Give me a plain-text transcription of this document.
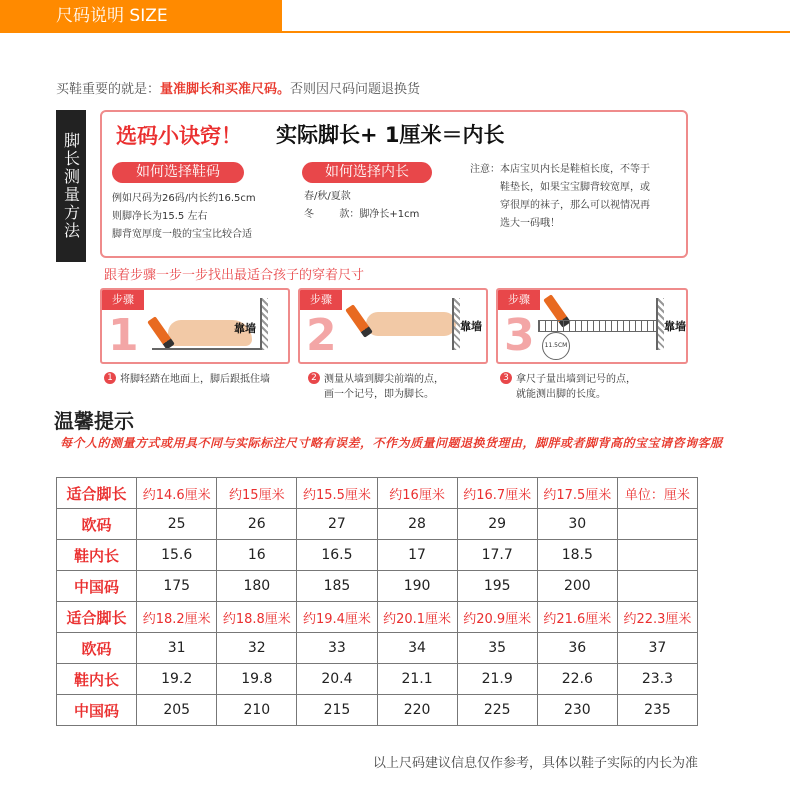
尺码说明 SIZE DESCRIPTION
买鞋重要的就是：量准脚长和买准尺码。否则因尺码问题退换货
脚长测量方法 选码小诀窍！ 实际脚长+ 1厘米＝内长
如何选择鞋码
例如尺码为26码/内长约16.5cm
则脚净长为15.5 左右
脚背宽厚度一般的宝宝比较合适
如何选择内长
春/秋/夏款
冬        款：脚净长+1cm
注意：本店宝贝内长是鞋楦长度，不等于
鞋垫长，如果宝宝脚背较宽厚，或
穿很厚的袜子，那么可以视情况再
选大一码哦！
跟着步骤一步一步找出最适合孩子的穿着尺寸
步骤
1	靠墙
1 将脚轻踏在地面上，脚后跟抵住墙
步骤
2	靠墙
2 测量从墙到脚尖前端的点，
画一个记号，即为脚长。
步骤
3	11.5CM
靠墙
3 拿尺子量出墙到记号的点，
就能测出脚的长度。
温馨提示
每个人的测量方式或用具不同与实际标注尺寸略有误差，不作为质量问题退换货理由，脚胖或者脚背高的宝宝请咨询客服
适合脚长	约14.6厘米	约15厘米	约15.5厘米	约16厘米	约16.7厘米	约17.5厘米	单位：厘米
欧码	25	26	27	28	29	30	
鞋内长	15.6	16	16.5	17	17.7	18.5	
中国码	175	180	185	190	195	200	
适合脚长	约18.2厘米	约18.8厘米	约19.4厘米	约20.1厘米	约20.9厘米	约21.6厘米	约22.3厘米
欧码	31	32	33	34	35	36	37
鞋内长	19.2	19.8	20.4	21.1	21.9	22.6	23.3
中国码	205	210	215	220	225	230	235
以上尺码建议信息仅作参考，具体以鞋子实际的内长为准
